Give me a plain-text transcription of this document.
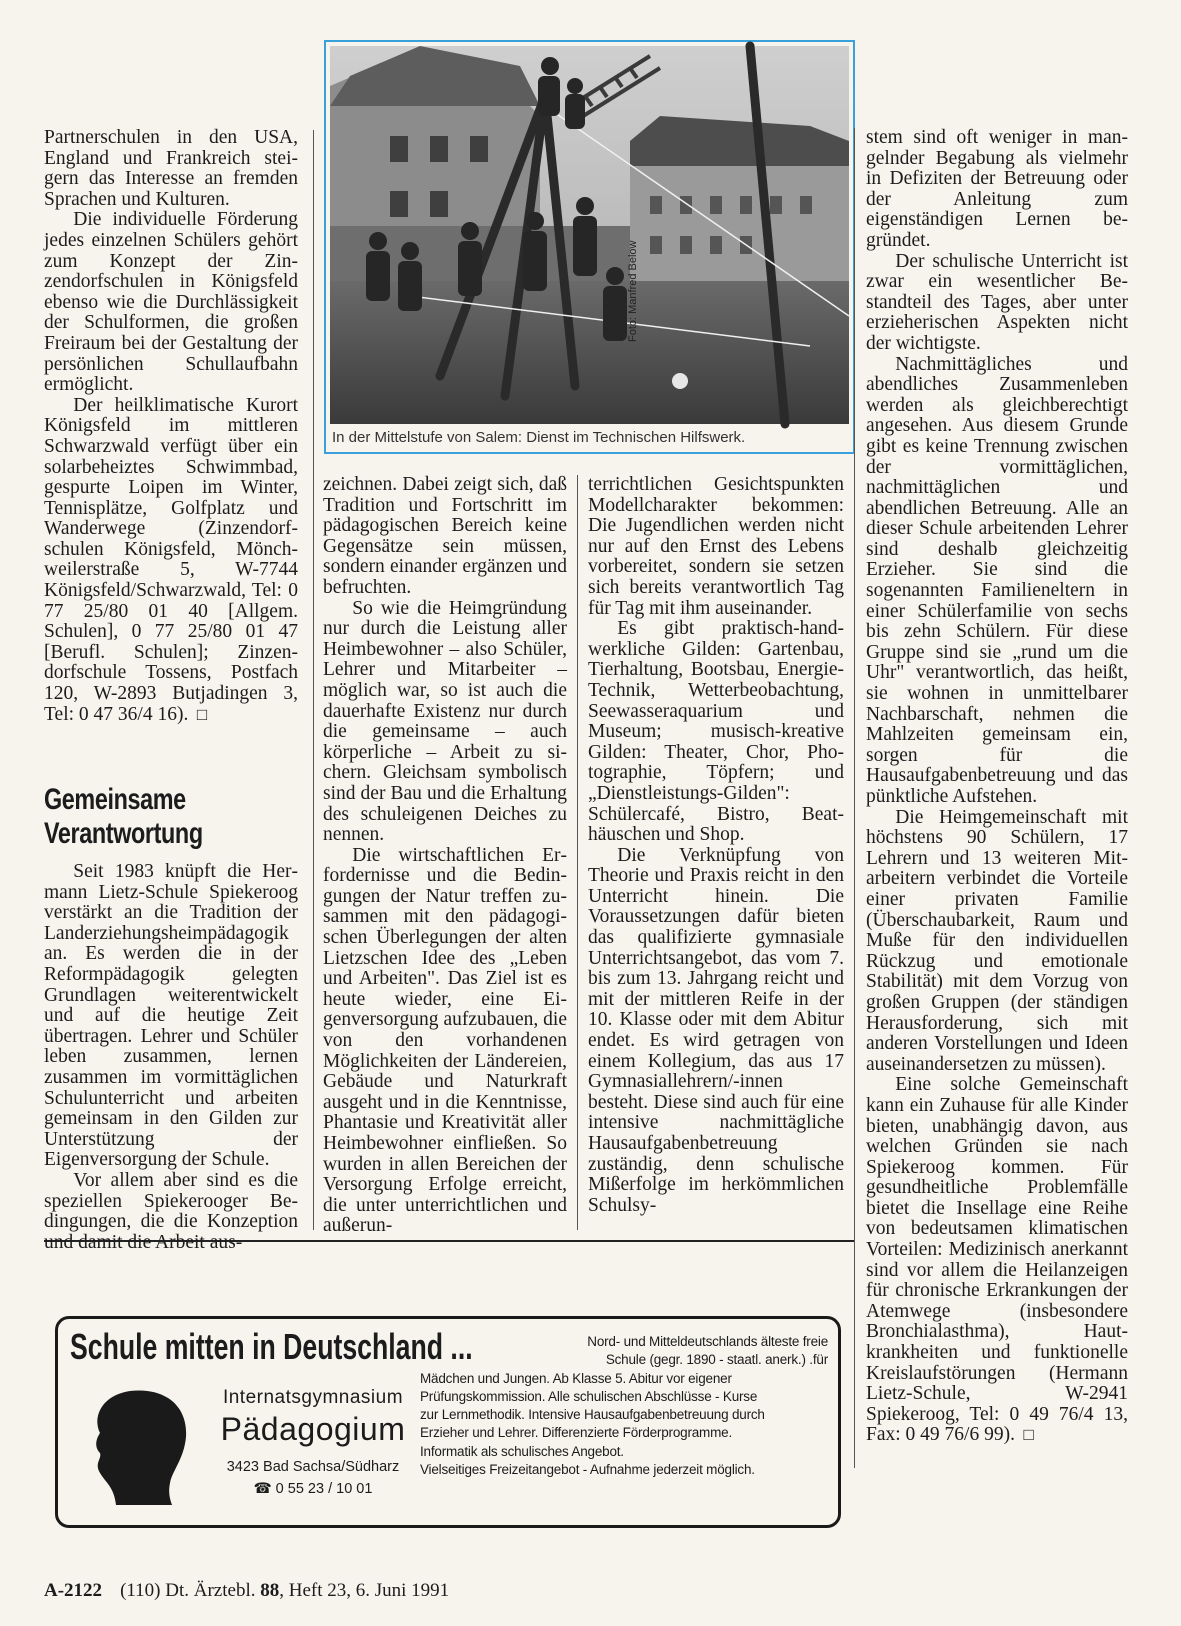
Foto: Manfred Below
In der Mittelstufe von Salem: Dienst im Technischen Hilfswerk.

Partnerschulen in den USA, England und Frankreich steigern das Interesse an fremden Sprachen und Kulturen.

Die individuelle Förderung jedes einzelnen Schülers gehört zum Konzept der Zinzendorfschulen in Königsfeld ebenso wie die Durchlässigkeit der Schulformen, die großen Freiraum bei der Gestaltung der persönlichen Schullaufbahn ermöglicht.

Der heilklimatische Kurort Königsfeld im mittleren Schwarzwald verfügt über ein solarbeheiztes Schwimmbad, gespurte Loipen im Winter, Tennisplätze, Golfplatz und Wanderwege (Zinzendorfschulen Königsfeld, Mönchweilerstraße 5, W-7744 Königsfeld/Schwarzwald, Tel: 0 77 25/80 01 40 [Allgem. Schulen], 0 77 25/80 01 47 [Berufl. Schulen]; Zinzendorfschule Tossens, Postfach 120, W-2893 Butjadingen 3, Tel: 0 47 36/4 16).  □

Gemeinsame Verantwortung

Seit 1983 knüpft die Hermann Lietz-Schule Spiekeroog verstärkt an die Tradition der Landerziehungsheimpädagogik an. Es werden die in der Reformpädagogik gelegten Grundlagen weiterentwickelt und auf die heutige Zeit übertragen. Lehrer und Schüler leben zusammen, lernen zusammen im vormittäglichen Schulunterricht und arbeiten gemeinsam in den Gilden zur Unterstützung der Eigenversorgung der Schule.

Vor allem aber sind es die speziellen Spiekerooger Bedingungen, die die Konzeption und damit die Arbeit aus-

zeichnen. Dabei zeigt sich, daß Tradition und Fortschritt im pädagogischen Bereich keine Gegensätze sein müssen, sondern einander ergänzen und befruchten.

So wie die Heimgründung nur durch die Leistung aller Heimbewohner – also Schüler, Lehrer und Mitarbeiter – möglich war, so ist auch die dauerhafte Existenz nur durch die gemeinsame – auch körperliche – Arbeit zu sichern. Gleichsam symbolisch sind der Bau und die Erhaltung des schuleigenen Deiches zu nennen.

Die wirtschaftlichen Erfordernisse und die Bedingungen der Natur treffen zusammen mit den pädagogischen Überlegungen der alten Lietzschen Idee des „Leben und Arbeiten". Das Ziel ist es heute wieder, eine Eigenversorgung aufzubauen, die von den vorhandenen Möglichkeiten der Ländereien, Gebäude und Naturkraft ausgeht und in die Kenntnisse, Phantasie und Kreativität aller Heimbewohner einfließen. So wurden in allen Bereichen der Versorgung Erfolge erreicht, die unter unterrichtlichen und außerun-

terrichtlichen Gesichtspunkten Modellcharakter bekommen: Die Jugendlichen werden nicht nur auf den Ernst des Lebens vorbereitet, sondern sie setzen sich bereits verantwortlich Tag für Tag mit ihm auseinander.

Es gibt praktisch-handwerkliche Gilden: Gartenbau, Tierhaltung, Bootsbau, Energie-Technik, Wetterbeobachtung, Seewasseraquarium und Museum; musisch-kreative Gilden: Theater, Chor, Photographie, Töpfern; und „Dienstleistungs-Gilden": Schülercafé, Bistro, Beathäuschen und Shop.

Die Verknüpfung von Theorie und Praxis reicht in den Unterricht hinein. Die Voraussetzungen dafür bieten das qualifizierte gymnasiale Unterrichtsangebot, das vom 7. bis zum 13. Jahrgang reicht und mit der mittleren Reife in der 10. Klasse oder mit dem Abitur endet. Es wird getragen von einem Kollegium, das aus 17 Gymnasiallehrern/-innen besteht. Diese sind auch für eine intensive nachmittägliche Hausaufgabenbetreuung zuständig, denn schulische Mißerfolge im herkömmlichen Schulsy-

stem sind oft weniger in mangelnder Begabung als vielmehr in Defiziten der Betreuung oder der Anleitung zum eigenständigen Lernen begründet.

Der schulische Unterricht ist zwar ein wesentlicher Bestandteil des Tages, aber unter erzieherischen Aspekten nicht der wichtigste.

Nachmittägliches und abendliches Zusammenleben werden als gleichberechtigt angesehen. Aus diesem Grunde gibt es keine Trennung zwischen der vormittäglichen, nachmittäglichen und abendlichen Betreuung. Alle an dieser Schule arbeitenden Lehrer sind deshalb gleichzeitig Erzieher. Sie sind die sogenannten Familieneltern in einer Schülerfamilie von sechs bis zehn Schülern. Für diese Gruppe sind sie „rund um die Uhr" verantwortlich, das heißt, sie wohnen in unmittelbarer Nachbarschaft, nehmen die Mahlzeiten gemeinsam ein, sorgen für die Hausaufgabenbetreuung und das pünktliche Aufstehen.

Die Heimgemeinschaft mit höchstens 90 Schülern, 17 Lehrern und 13 weiteren Mitarbeitern verbindet die Vorteile einer privaten Familie (Überschaubarkeit, Raum und Muße für den individuellen Rückzug und emotionale Stabilität) mit dem Vorzug von großen Gruppen (der ständigen Herausforderung, sich mit anderen Vorstellungen und Ideen auseinandersetzen zu müssen).

Eine solche Gemeinschaft kann ein Zuhause für alle Kinder bieten, unabhängig davon, aus welchen Gründen sie nach Spiekeroog kommen. Für gesundheitliche Problemfälle bietet die Insellage eine Reihe von bedeutsamen klimatischen Vorteilen: Medizinisch anerkannt sind vor allem die Heilanzeigen für chronische Erkrankungen der Atemwege (insbesondere Bronchialasthma), Hautkrankheiten und funktionelle Kreislaufstörungen (Hermann Lietz-Schule, W-2941 Spiekeroog, Tel: 0 49 76/4 13, Fax: 0 49 76/6 99).  □

Schule mitten in Deutschland ...	Nord- und Mitteldeutschlands älteste freie
Schule (gegr. 1890 - staatl. anerk.) .für
Mädchen und Jungen. Ab Klasse 5. Abitur vor eigener
Prüfungskommission. Alle schulischen Abschlüsse - Kurse
zur Lernmethodik. Intensive Hausaufgabenbetreuung durch
Erzieher und Lehrer. Differenzierte Förderprogramme.
Informatik als schulisches Angebot.
Vielseitiges Freizeitangebot - Aufnahme jederzeit möglich.
Internatsgymnasium
Pädagogium
3423 Bad Sachsa/Südharz
☎ 0 55 23 / 10 01
A-2122 (110) Dt. Ärztebl. 88, Heft 23, 6. Juni 1991
